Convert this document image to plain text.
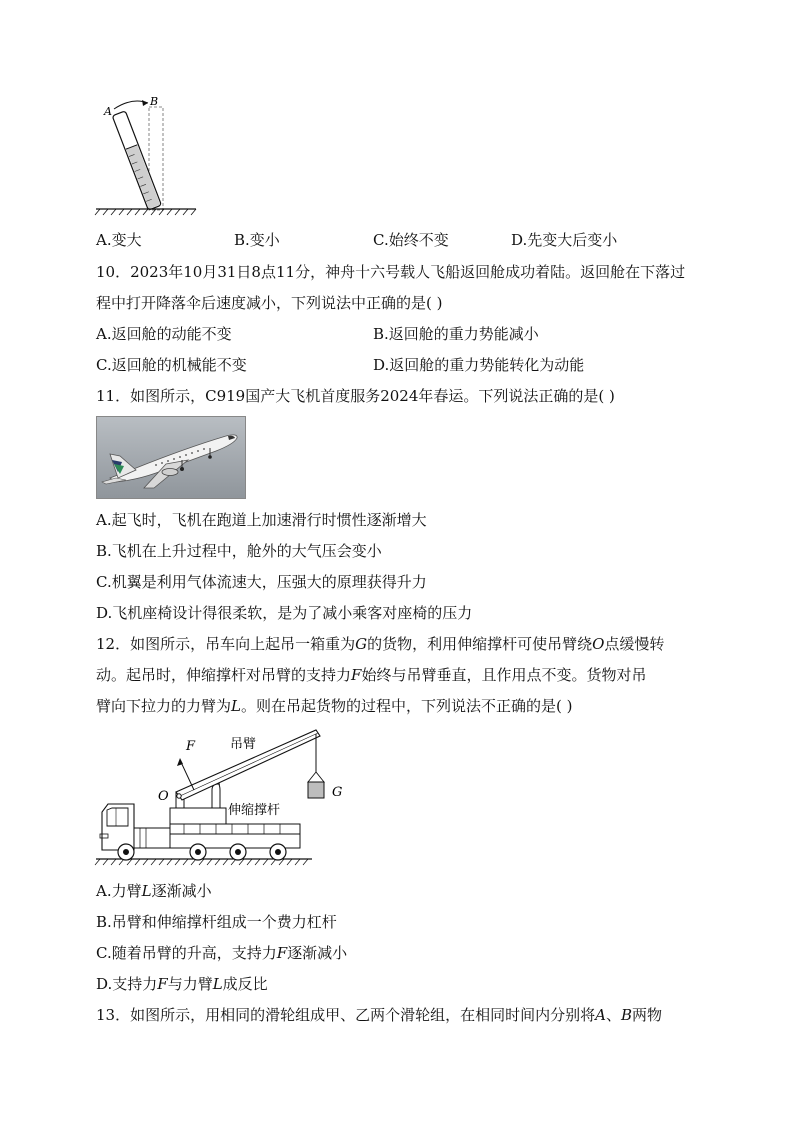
A
B
A.变大	B.变小	C.始终不变	D.先变大后变小
10．2023年10月31日8点11分，神舟十六号载人飞船返回舱成功着陆。返回舱在下落过
程中打开降落伞后速度减小，下列说法中正确的是( )
A.返回舱的动能不变	B.返回舱的重力势能减小
C.返回舱的机械能不变	D.返回舱的重力势能转化为动能
11．如图所示，C919国产大飞机首度服务2024年春运。下列说法正确的是( )
A.起飞时，飞机在跑道上加速滑行时惯性逐渐增大
B.飞机在上升过程中，舱外的大气压会变小
C.机翼是利用气体流速大，压强大的原理获得升力
D.飞机座椅设计得很柔软，是为了减小乘客对座椅的压力
12．如图所示，吊车向上起吊一箱重为G的货物，利用伸缩撑杆可使吊臂绕O点缓慢转
动。起吊时，伸缩撑杆对吊臂的支持力F始终与吊臂垂直，且作用点不变。货物对吊
臂向下拉力的力臂为L。则在吊起货物的过程中，下列说法不正确的是( )
F	吊臂
O
伸缩撑杆
G
A.力臂L逐渐减小
B.吊臂和伸缩撑杆组成一个费力杠杆
C.随着吊臂的升高，支持力F逐渐减小
D.支持力F与力臂L成反比
13．如图所示，用相同的滑轮组成甲、乙两个滑轮组，在相同时间内分别将A、B两物
